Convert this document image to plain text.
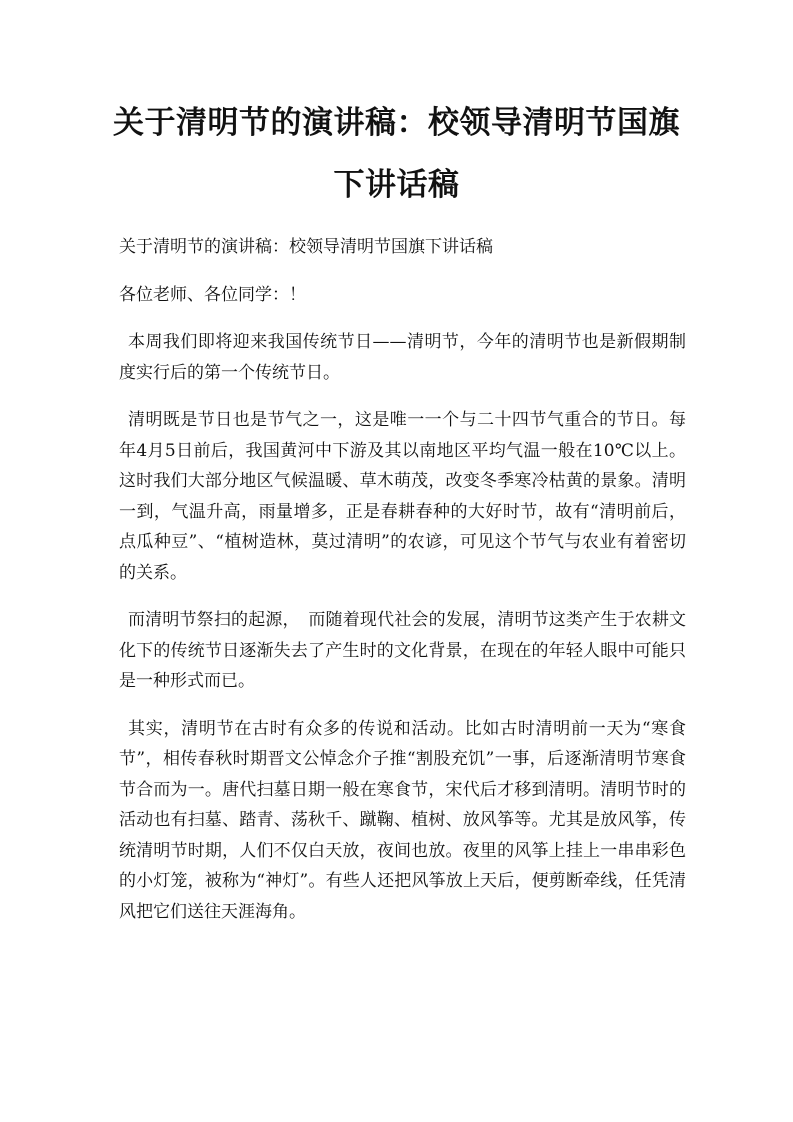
关于清明节的演讲稿：校领导清明节国旗下讲话稿

关于清明节的演讲稿：校领导清明节国旗下讲话稿

各位老师、各位同学：！

本周我们即将迎来我国传统节日——清明节，今年的清明节也是新假期制度实行后的第一个传统节日。

清明既是节日也是节气之一，这是唯一一个与二十四节气重合的节日。每年4月5日前后，我国黄河中下游及其以南地区平均气温一般在10℃以上。这时我们大部分地区气候温暖、草木萌茂，改变冬季寒冷枯黄的景象。清明一到，气温升高，雨量增多，正是春耕春种的大好时节，故有“清明前后，点瓜种豆”、“植树造林，莫过清明”的农谚，可见这个节气与农业有着密切的关系。

而清明节祭扫的起源，　而随着现代社会的发展，清明节这类产生于农耕文化下的传统节日逐渐失去了产生时的文化背景，在现在的年轻人眼中可能只是一种形式而已。

其实，清明节在古时有众多的传说和活动。比如古时清明前一天为“寒食节”，相传春秋时期晋文公悼念介子推“割股充饥”一事，后逐渐清明节寒食节合而为一。唐代扫墓日期一般在寒食节，宋代后才移到清明。清明节时的活动也有扫墓、踏青、荡秋千、蹴鞠、植树、放风筝等。尤其是放风筝，传统清明节时期，人们不仅白天放，夜间也放。夜里的风筝上挂上一串串彩色的小灯笼，被称为“神灯”。有些人还把风筝放上天后，便剪断牵线，任凭清风把它们送往天涯海角。
